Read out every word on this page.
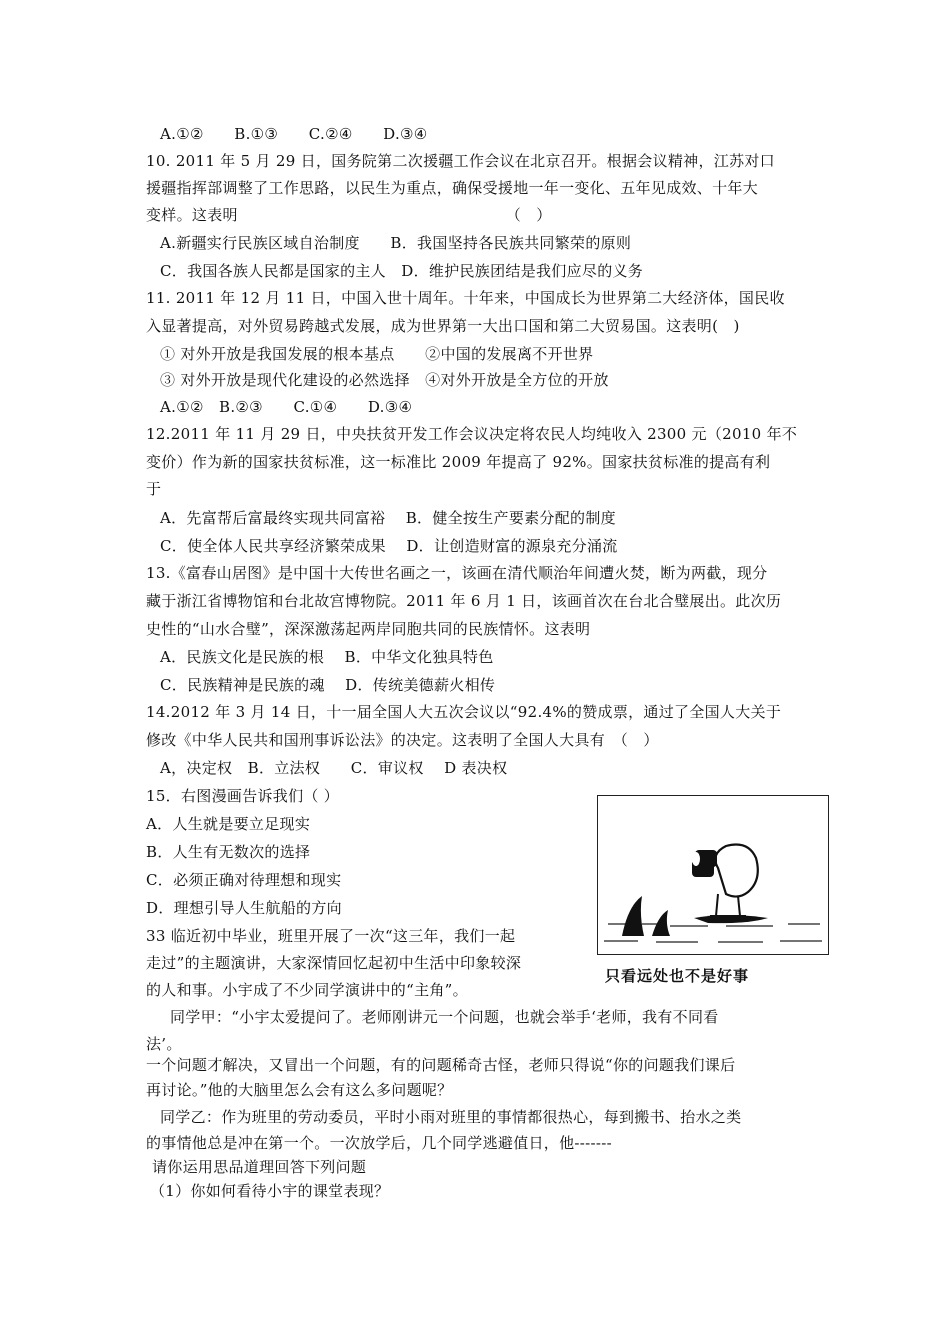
A.①②　　B.①③　　C.②④　　D.③④
10. 2011 年 5 月 29 日，国务院第二次援疆工作会议在北京召开。根据会议精神，江苏对口
援疆指挥部调整了工作思路，以民生为重点，确保受援地一年一变化、五年见成效、十年大
变样。这表明　　　　　　　　　　　　　　　　　　（　）
A.新疆实行民族区域自治制度　　B．我国坚持各民族共同繁荣的原则
C．我国各族人民都是国家的主人　D．维护民族团结是我们应尽的义务
11. 2011 年 12 月 11 日，中国入世十周年。十年来，中国成长为世界第二大经济体，国民收
入显著提高，对外贸易跨越式发展，成为世界第一大出口国和第二大贸易国。这表明(　)
① 对外开放是我国发展的根本基点　　②中国的发展离不开世界
③ 对外开放是现代化建设的必然选择　④对外开放是全方位的开放
A.①②　B.②③　　C.①④　　D.③④
12.2011 年 11 月 29 日，中央扶贫开发工作会议决定将农民人均纯收入 2300 元（2010 年不
变价）作为新的国家扶贫标准，这一标准比 2009 年提高了 92%。国家扶贫标准的提高有利
于
A．先富帮后富最终实现共同富裕　 B．健全按生产要素分配的制度
C．使全体人民共享经济繁荣成果　 D．让创造财富的源泉充分涌流
13.《富春山居图》是中国十大传世名画之一，该画在清代顺治年间遭火焚，断为两截，现分
藏于浙江省博物馆和台北故宫博物院。2011 年 6 月 1 日，该画首次在台北合璧展出。此次历
史性的“山水合璧”，深深激荡起两岸同胞共同的民族情怀。这表明
A．民族文化是民族的根　 B．中华文化独具特色
C．民族精神是民族的魂　 D．传统美德薪火相传
14.2012 年 3 月 14 日，十一届全国人大五次会议以“92.4%的赞成票，通过了全国人大关于
修改《中华人民共和国刑事诉讼法》的决定。这表明了全国人大具有　（　）
A，决定权　B．立法权　　C．审议权　 D 表决权
15．右图漫画告诉我们（ ）
A．人生就是要立足现实
B．人生有无数次的选择
C．必须正确对待理想和现实
D．理想引导人生航船的方向
只看远处也不是好事
33 临近初中毕业，班里开展了一次“这三年，我们一起
走过”的主题演讲，大家深情回忆起初中生活中印象较深
的人和事。小宇成了不少同学演讲中的“主角”。
同学甲：“小宇太爱提问了。老师刚讲元一个问题，也就会举手‘老师，我有不同看
法’。
一个问题才解决，又冒出一个问题，有的问题稀奇古怪，老师只得说“你的问题我们课后
再讨论。”他的大脑里怎么会有这么多问题呢？
同学乙：作为班里的劳动委员，平时小雨对班里的事情都很热心，每到搬书、抬水之类
的事情他总是冲在第一个。一次放学后，几个同学逃避值日，他-------
请你运用思品道理回答下列问题
（1）你如何看待小宇的课堂表现？
